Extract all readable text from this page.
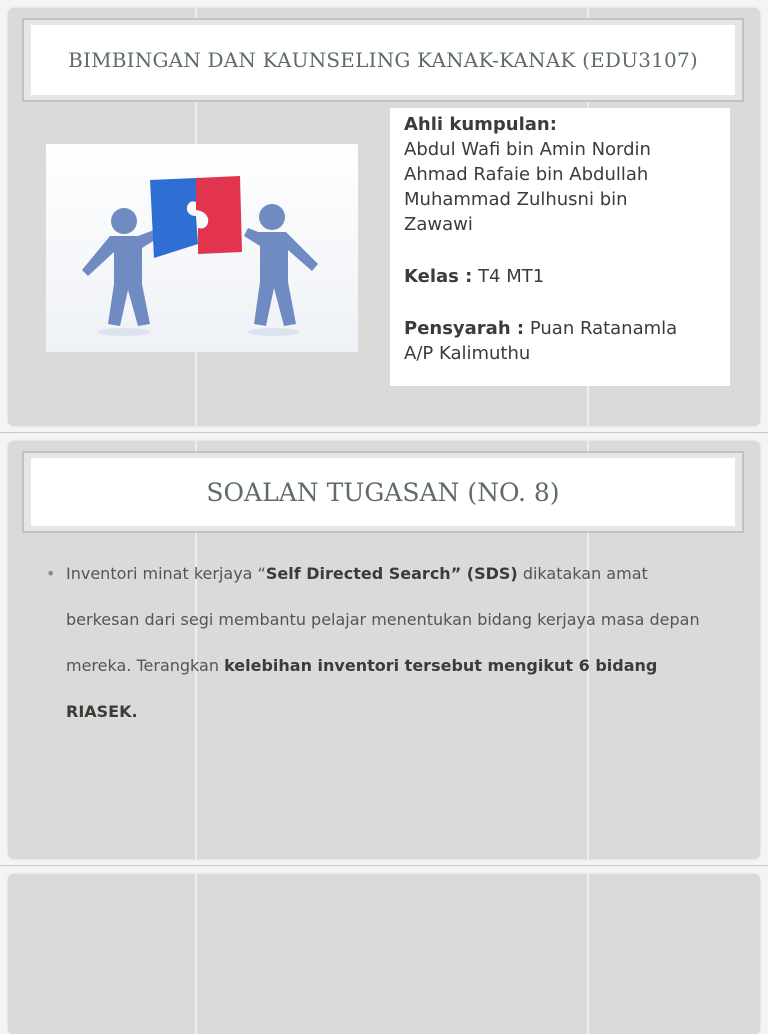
BIMBINGAN DAN KAUNSELING KANAK-KANAK (EDU3107)
Ahli kumpulan:
Abdul Wafi bin Amin Nordin
Ahmad Rafaie bin Abdullah
Muhammad Zulhusni bin
Zawawi
Kelas : T4 MT1
Pensyarah : Puan Ratanamla
A/P Kalimuthu
SOALAN TUGASAN (NO. 8)
• Inventori minat kerjaya “Self Directed Search” (SDS) dikatakan amat berkesan dari segi membantu pelajar menentukan bidang kerjaya masa depan mereka. Terangkan kelebihan inventori tersebut mengikut 6 bidang RIASEK.
